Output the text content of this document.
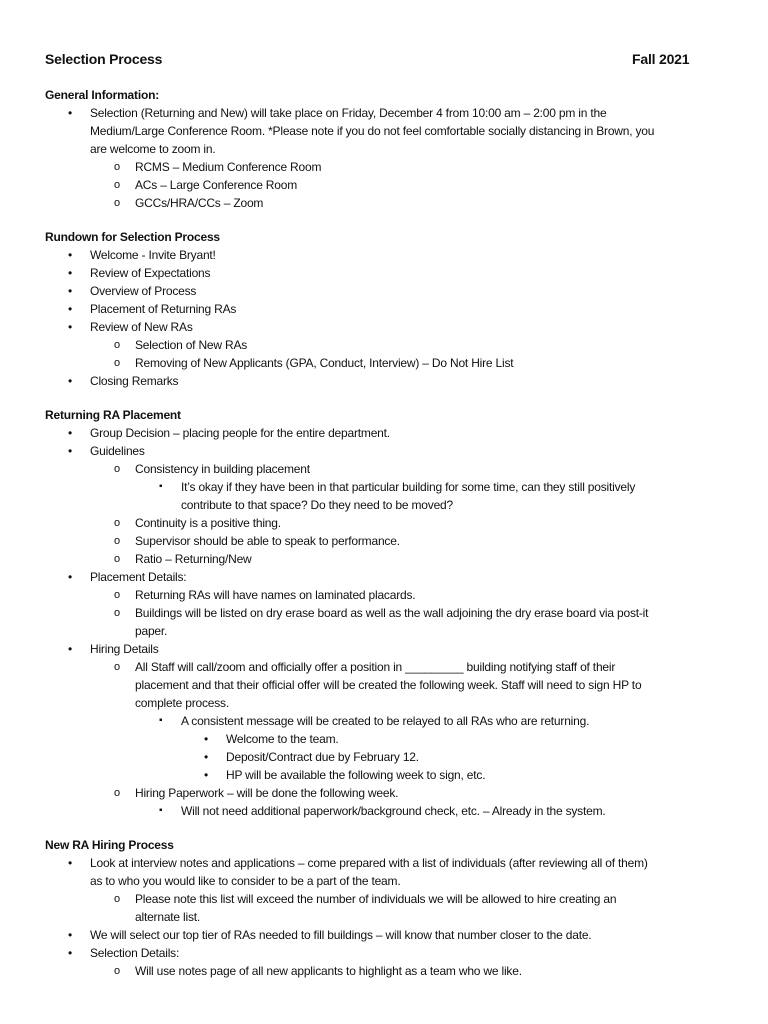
Selection Process	Fall 2021
General Information:
• Selection (Returning and New) will take place on Friday, December 4 from 10:00 am – 2:00 pm in the
Medium/Large Conference Room. *Please note if you do not feel comfortable socially distancing in Brown, you
are welcome to zoom in.
o RCMS – Medium Conference Room
o ACs – Large Conference Room
o GCCs/HRA/CCs – Zoom
Rundown for Selection Process
• Welcome - Invite Bryant!
• Review of Expectations
• Overview of Process
• Placement of Returning RAs
• Review of New RAs
o Selection of New RAs
o Removing of New Applicants (GPA, Conduct, Interview) – Do Not Hire List
• Closing Remarks
Returning RA Placement
• Group Decision – placing people for the entire department.
• Guidelines
o Consistency in building placement
▪ It’s okay if they have been in that particular building for some time, can they still positively
contribute to that space? Do they need to be moved?
o Continuity is a positive thing.
o Supervisor should be able to speak to performance.
o Ratio – Returning/New
• Placement Details:
o Returning RAs will have names on laminated placards.
o Buildings will be listed on dry erase board as well as the wall adjoining the dry erase board via post-it
paper.
• Hiring Details
o All Staff will call/zoom and officially offer a position in _________ building notifying staff of their
placement and that their official offer will be created the following week. Staff will need to sign HP to
complete process.
▪ A consistent message will be created to be relayed to all RAs who are returning.
• Welcome to the team.
• Deposit/Contract due by February 12.
• HP will be available the following week to sign, etc.
o Hiring Paperwork – will be done the following week.
▪ Will not need additional paperwork/background check, etc. – Already in the system.
New RA Hiring Process
• Look at interview notes and applications – come prepared with a list of individuals (after reviewing all of them)
as to who you would like to consider to be a part of the team.
o Please note this list will exceed the number of individuals we will be allowed to hire creating an
alternate list.
• We will select our top tier of RAs needed to fill buildings – will know that number closer to the date.
• Selection Details:
o Will use notes page of all new applicants to highlight as a team who we like.
